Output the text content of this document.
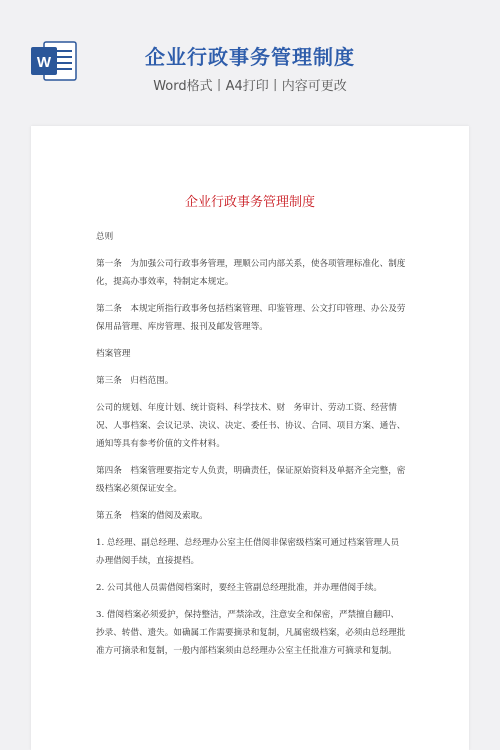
W	企业行政事务管理制度
Word格式丨A4打印丨内容可更改
企业行政事务管理制度

总则

第一条　为加强公司行政事务管理，理顺公司内部关系，使各项管理标准化、制度化，提高办事效率，特制定本规定。

第二条　本规定所指行政事务包括档案管理、印鉴管理、公文打印管理、办公及劳保用品管理、库房管理、报刊及邮发管理等。

档案管理

第三条　归档范围。

公司的规划、年度计划、统计资料、科学技术、财　务审计、劳动工资、经营情况、人事档案、会议记录、决议、决定、委任书、协议、合同、项目方案、通告、通知等具有参考价值的文件材料。

第四条　档案管理要指定专人负责，明确责任，保证原始资料及单据齐全完整，密级档案必须保证安全。

第五条　档案的借阅及索取。

1. 总经理、副总经理、总经理办公室主任借阅非保密级档案可通过档案管理人员办理借阅手续，直接提档。

2. 公司其他人员需借阅档案时，要经主管副总经理批准，并办理借阅手续。

3. 借阅档案必须爱护，保持整洁，严禁涂改，注意安全和保密，严禁擅自翻印、抄录、转借、遗失。如确属工作需要摘录和复制，凡属密级档案，必须由总经理批准方可摘录和复制，一般内部档案须由总经理办公室主任批准方可摘录和复制。
